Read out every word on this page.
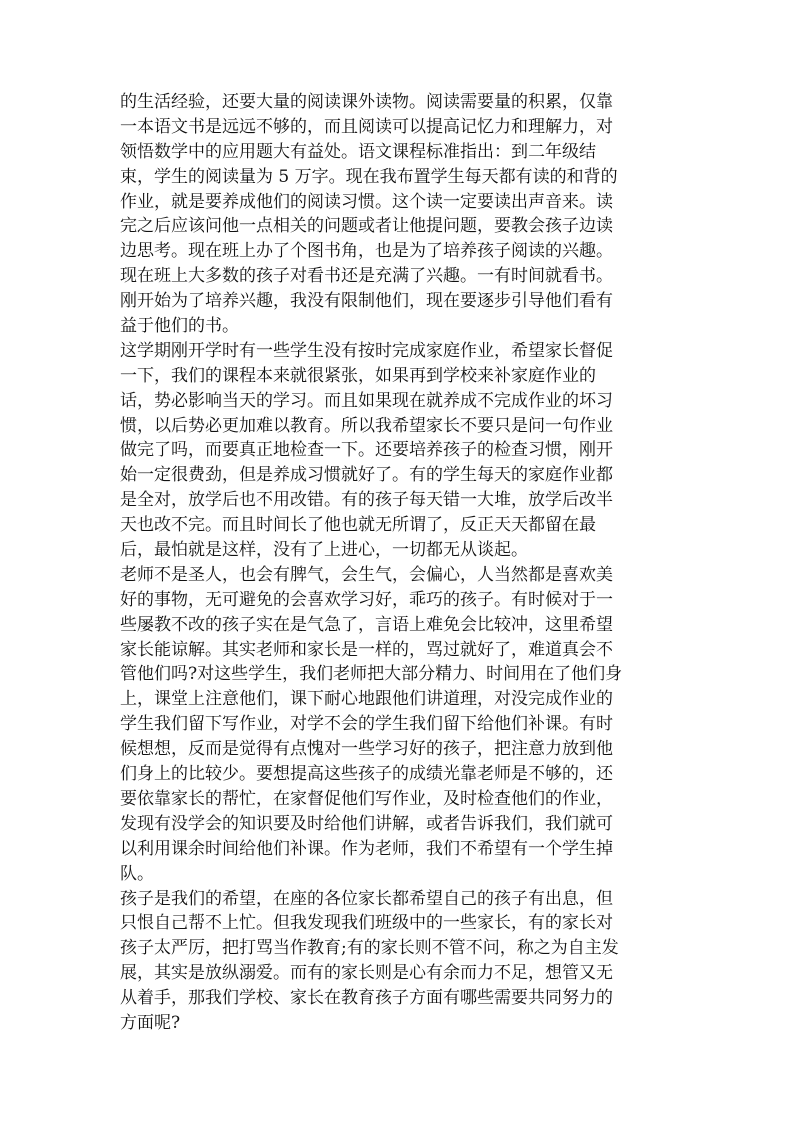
的生活经验，还要大量的阅读课外读物。阅读需要量的积累，仅靠
一本语文书是远远不够的，而且阅读可以提高记忆力和理解力，对
领悟数学中的应用题大有益处。语文课程标准指出：到二年级结
束，学生的阅读量为 5 万字。现在我布置学生每天都有读的和背的
作业，就是要养成他们的阅读习惯。这个读一定要读出声音来。读
完之后应该问他一点相关的问题或者让他提问题，要教会孩子边读
边思考。现在班上办了个图书角，也是为了培养孩子阅读的兴趣。
现在班上大多数的孩子对看书还是充满了兴趣。一有时间就看书。
刚开始为了培养兴趣，我没有限制他们，现在要逐步引导他们看有
益于他们的书。
这学期刚开学时有一些学生没有按时完成家庭作业，希望家长督促
一下，我们的课程本来就很紧张，如果再到学校来补家庭作业的
话，势必影响当天的学习。而且如果现在就养成不完成作业的坏习
惯，以后势必更加难以教育。所以我希望家长不要只是问一句作业
做完了吗，而要真正地检查一下。还要培养孩子的检查习惯，刚开
始一定很费劲，但是养成习惯就好了。有的学生每天的家庭作业都
是全对，放学后也不用改错。有的孩子每天错一大堆，放学后改半
天也改不完。而且时间长了他也就无所谓了，反正天天都留在最
后，最怕就是这样，没有了上进心，一切都无从谈起。
老师不是圣人，也会有脾气，会生气，会偏心，人当然都是喜欢美
好的事物，无可避免的会喜欢学习好，乖巧的孩子。有时候对于一
些屡教不改的孩子实在是气急了，言语上难免会比较冲，这里希望
家长能谅解。其实老师和家长是一样的，骂过就好了，难道真会不
管他们吗?对这些学生，我们老师把大部分精力、时间用在了他们身
上，课堂上注意他们，课下耐心地跟他们讲道理，对没完成作业的
学生我们留下写作业，对学不会的学生我们留下给他们补课。有时
候想想，反而是觉得有点愧对一些学习好的孩子，把注意力放到他
们身上的比较少。要想提高这些孩子的成绩光靠老师是不够的，还
要依靠家长的帮忙，在家督促他们写作业，及时检查他们的作业，
发现有没学会的知识要及时给他们讲解，或者告诉我们，我们就可
以利用课余时间给他们补课。作为老师，我们不希望有一个学生掉
队。
孩子是我们的希望，在座的各位家长都希望自己的孩子有出息，但
只恨自己帮不上忙。但我发现我们班级中的一些家长，有的家长对
孩子太严厉，把打骂当作教育;有的家长则不管不问，称之为自主发
展，其实是放纵溺爱。而有的家长则是心有余而力不足，想管又无
从着手，那我们学校、家长在教育孩子方面有哪些需要共同努力的
方面呢?
